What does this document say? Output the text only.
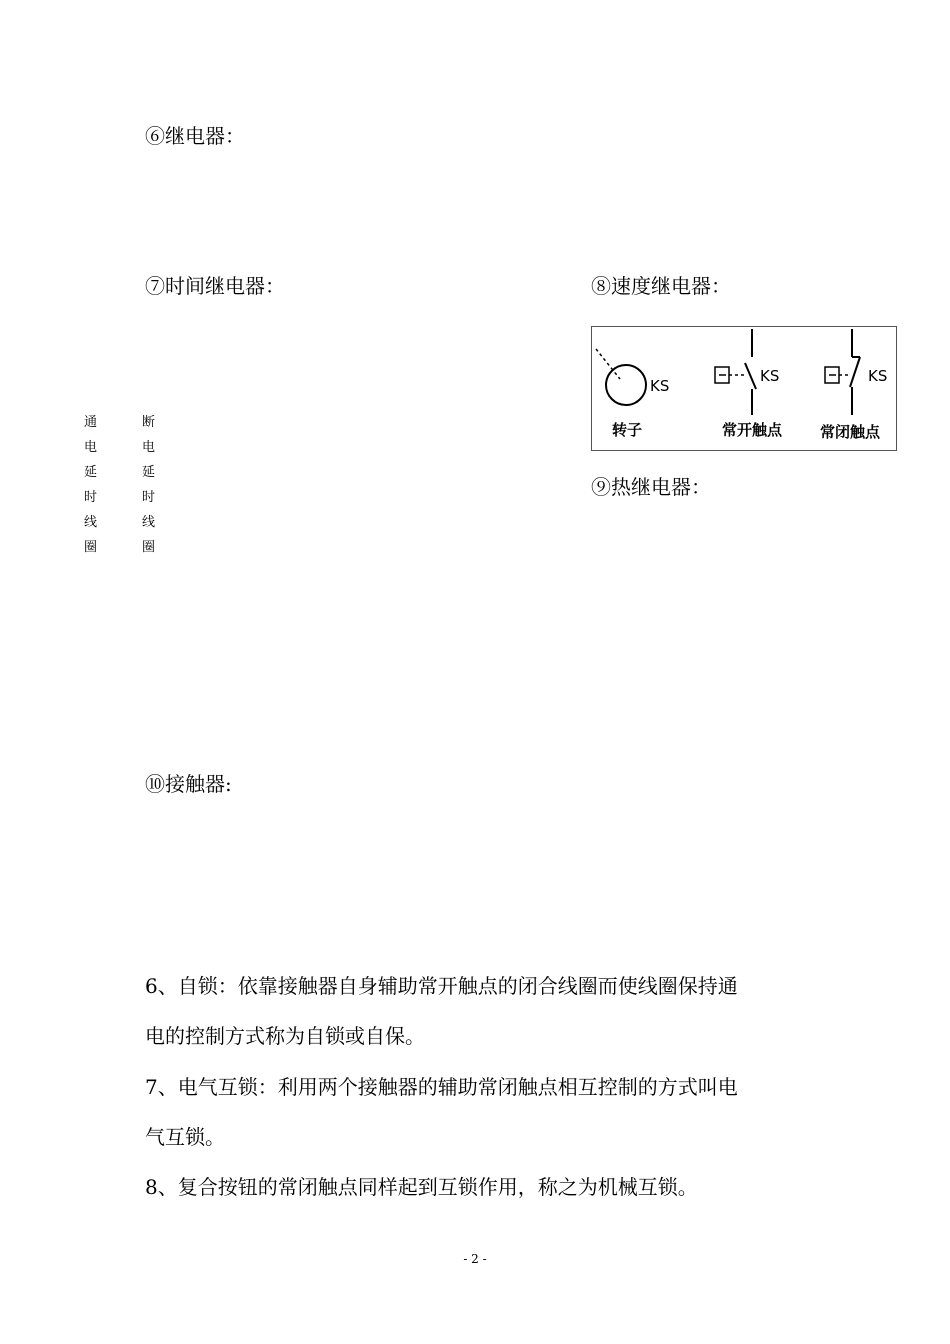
⑥继电器：
⑦时间继电器：	⑧速度继电器：
KS
KS	KS
转子	常开触点	常闭触点
⑨热继电器：
通
电
延
时
线
圈
断
电
延
时
线
圈
⑩接触器:
6、自锁：依靠接触器自身辅助常开触点的闭合线圈而使线圈保持通
电的控制方式称为自锁或自保。
7、电气互锁：利用两个接触器的辅助常闭触点相互控制的方式叫电
气互锁。
8、复合按钮的常闭触点同样起到互锁作用，称之为机械互锁。
- 2 -
